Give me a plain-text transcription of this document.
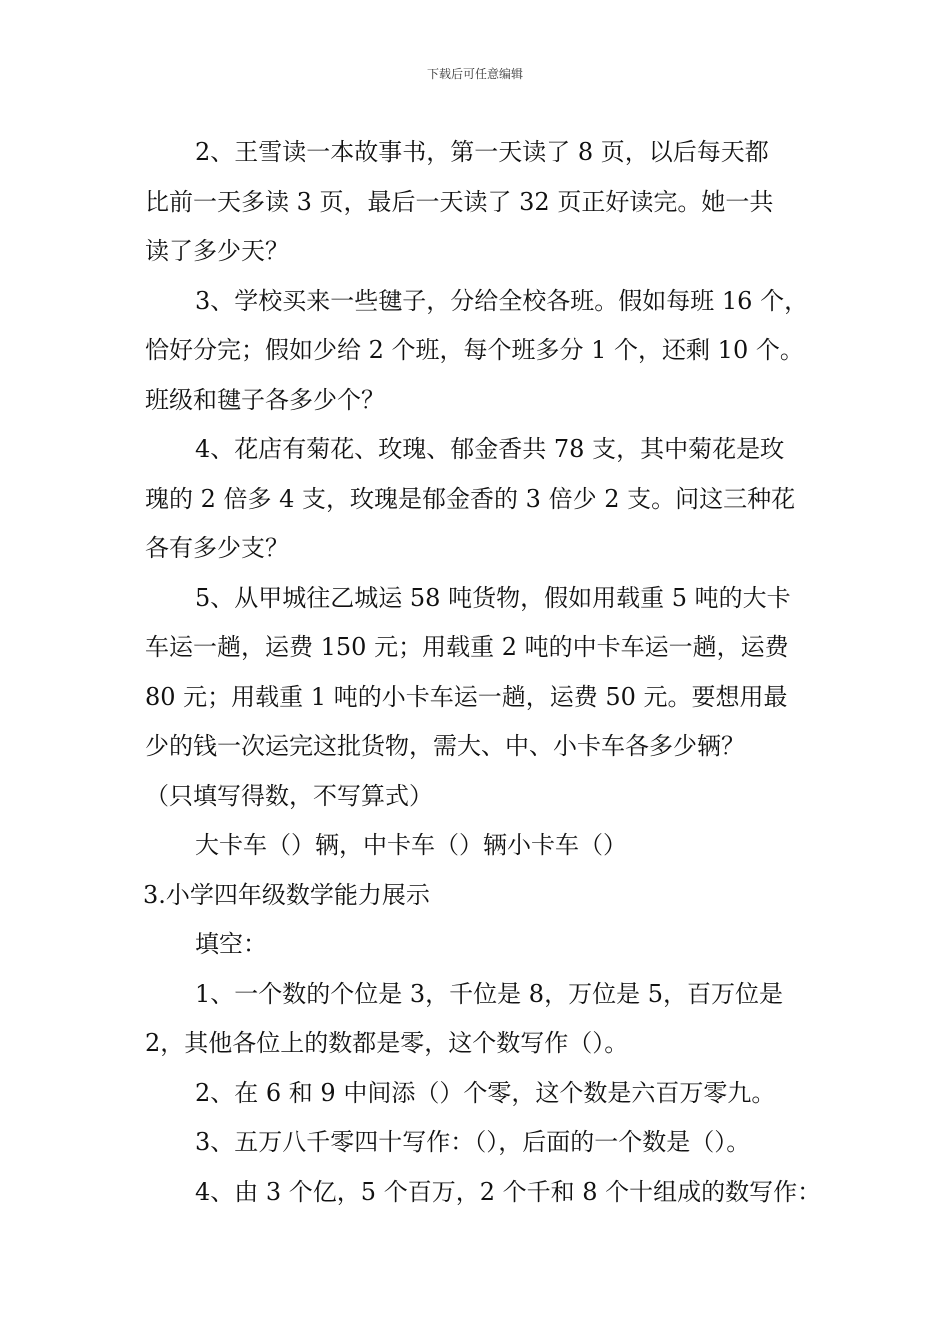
下载后可任意编辑
2、王雪读一本故事书，第一天读了 8 页，以后每天都
比前一天多读 3 页，最后一天读了 32 页正好读完。她一共
读了多少天？
3、学校买来一些毽子，分给全校各班。假如每班 16 个，
恰好分完；假如少给 2 个班，每个班多分 1 个，还剩 10 个。
班级和毽子各多少个？
4、花店有菊花、玫瑰、郁金香共 78 支，其中菊花是玫
瑰的 2 倍多 4 支，玫瑰是郁金香的 3 倍少 2 支。问这三种花
各有多少支？
5、从甲城往乙城运 58 吨货物，假如用载重 5 吨的大卡
车运一趟，运费 150 元；用载重 2 吨的中卡车运一趟，运费
80 元；用载重 1 吨的小卡车运一趟，运费 50 元。要想用最
少的钱一次运完这批货物，需大、中、小卡车各多少辆？
（只填写得数，不写算式）
大卡车（）辆，中卡车（）辆小卡车（）
3.小学四年级数学能力展示
填空：
1、一个数的个位是 3，千位是 8，万位是 5，百万位是
2，其他各位上的数都是零，这个数写作（）。
2、在 6 和 9 中间添（）个零，这个数是六百万零九。
3、五万八千零四十写作：（），后面的一个数是（）。
4、由 3 个亿，5 个百万，2 个千和 8 个十组成的数写作：
